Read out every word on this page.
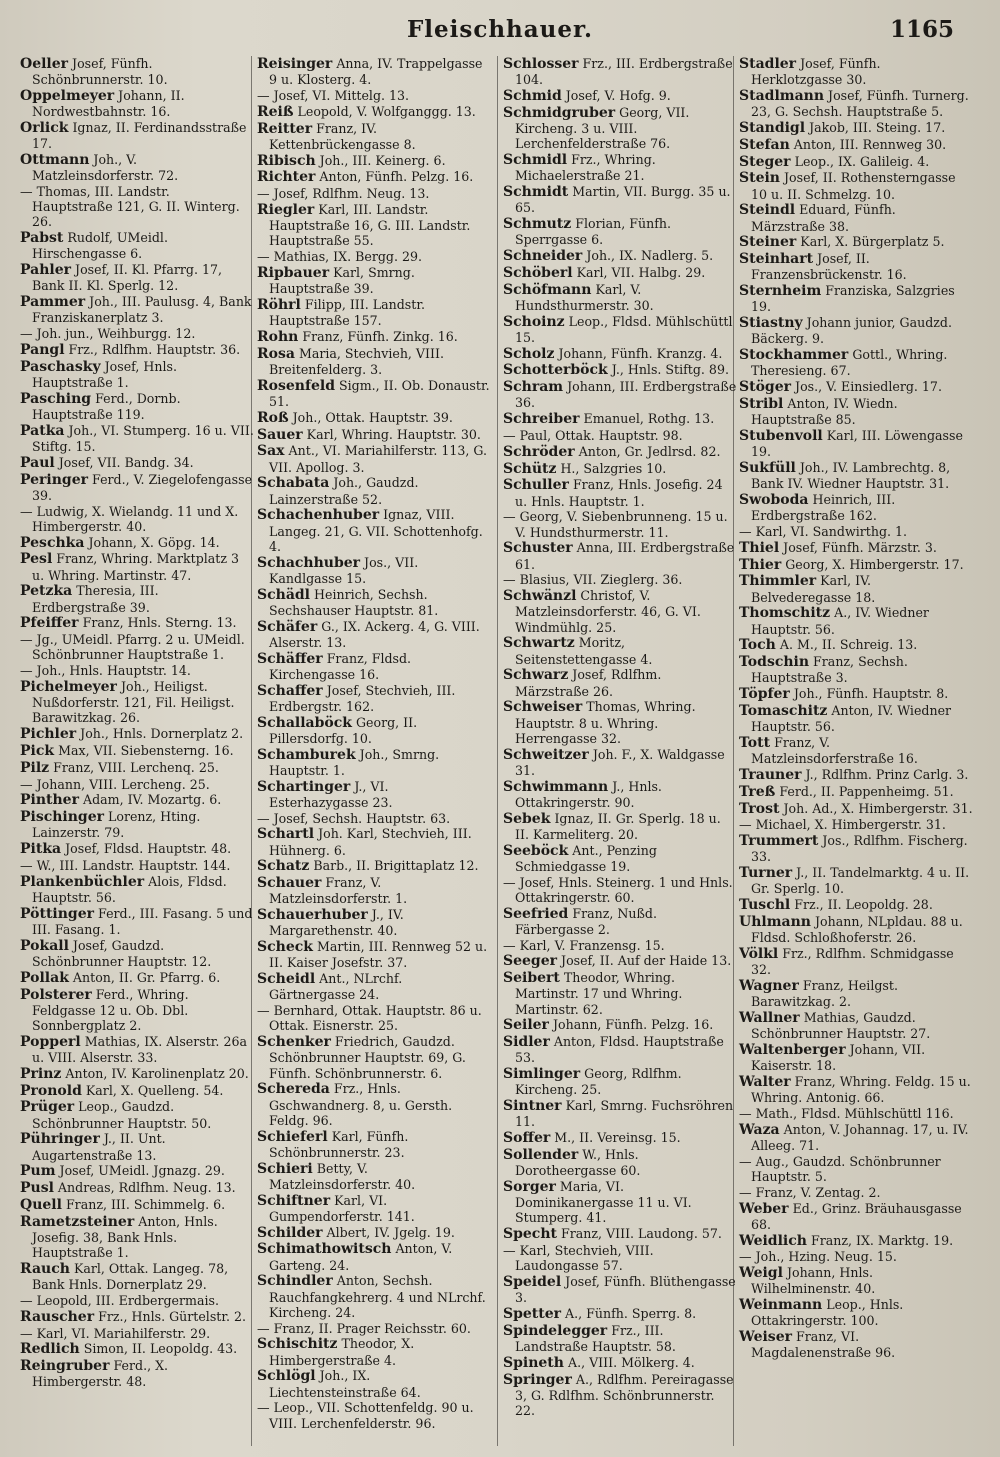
Fleischhauer.	1165
Oeller Josef, Fünfh. Schönbrunnerstr. 10.
Oppelmeyer Johann, II. Nordwestbahnstr. 16.
Orlick Ignaz, II. Ferdinandsstraße 17.
Ottmann Joh., V. Matzleinsdorferstr. 72.
— Thomas, III. Landstr. Hauptstraße 121, G. II. Winterg. 26.
Pabst Rudolf, UMeidl. Hirschengasse 6.
Pahler Josef, II. Kl. Pfarrg. 17, Bank II. Kl. Sperlg. 12.
Pammer Joh., III. Paulusg. 4, Bank Franziskanerplatz 3.
— Joh. jun., Weihburgg. 12.
Pangl Frz., Rdlfhm. Hauptstr. 36.
Paschasky Josef, Hnls. Hauptstraße 1.
Pasching Ferd., Dornb. Hauptstraße 119.
Patka Joh., VI. Stumperg. 16 u. VII. Stiftg. 15.
Paul Josef, VII. Bandg. 34.
Peringer Ferd., V. Ziegelofengasse 39.
— Ludwig, X. Wielandg. 11 und X. Himbergerstr. 40.
Peschka Johann, X. Göpg. 14.
Pesl Franz, Whring. Marktplatz 3 u. Whring. Martinstr. 47.
Petzka Theresia, III. Erdbergstraße 39.
Pfeiffer Franz, Hnls. Sterng. 13.
— Jg., UMeidl. Pfarrg. 2 u. UMeidl. Schönbrunner Hauptstraße 1.
— Joh., Hnls. Hauptstr. 14.
Pichelmeyer Joh., Heiligst. Nußdorferstr. 121, Fil. Heiligst. Barawitzkag. 26.
Pichler Joh., Hnls. Dornerplatz 2.
Pick Max, VII. Siebensterng. 16.
Pilz Franz, VIII. Lerchenq. 25.
— Johann, VIII. Lercheng. 25.
Pinther Adam, IV. Mozartg. 6.
Pischinger Lorenz, Hting. Lainzerstr. 79.
Pitka Josef, Fldsd. Hauptstr. 48.
— W., III. Landstr. Hauptstr. 144.
Plankenbüchler Alois, Fldsd. Hauptstr. 56.
Pöttinger Ferd., III. Fasang. 5 und III. Fasang. 1.
Pokall Josef, Gaudzd. Schönbrunner Hauptstr. 12.
Pollak Anton, II. Gr. Pfarrg. 6.
Polsterer Ferd., Whring. Feldgasse 12 u. Ob. Dbl. Sonnbergplatz 2.
Popperl Mathias, IX. Alserstr. 26a u. VIII. Alserstr. 33.
Prinz Anton, IV. Karolinenplatz 20.
Pronold Karl, X. Quelleng. 54.
Prüger Leop., Gaudzd. Schönbrunner Hauptstr. 50.
Pühringer J., II. Unt. Augartenstraße 13.
Pum Josef, UMeidl. Jgnazg. 29.
Pusl Andreas, Rdlfhm. Neug. 13.
Quell Franz, III. Schimmelg. 6.
Rametzsteiner Anton, Hnls. Josefig. 38, Bank Hnls. Hauptstraße 1.
Rauch Karl, Ottak. Langeg. 78, Bank Hnls. Dornerplatz 29.
— Leopold, III. Erdbergermais.
Rauscher Frz., Hnls. Gürtelstr. 2.
— Karl, VI. Mariahilferstr. 29.
Redlich Simon, II. Leopoldg. 43.
Reingruber Ferd., X. Himbergerstr. 48.
Reisinger Anna, IV. Trappelgasse 9 u. Klosterg. 4.
— Josef, VI. Mittelg. 13.
Reiß Leopold, V. Wolfganggg. 13.
Reitter Franz, IV. Kettenbrückengasse 8.
Ribisch Joh., III. Keinerg. 6.
Richter Anton, Fünfh. Pelzg. 16.
— Josef, Rdlfhm. Neug. 13.
Riegler Karl, III. Landstr. Hauptstraße 16, G. III. Landstr. Hauptstraße 55.
— Mathias, IX. Bergg. 29.
Ripbauer Karl, Smrng. Hauptstraße 39.
Röhrl Filipp, III. Landstr. Hauptstraße 157.
Rohn Franz, Fünfh. Zinkg. 16.
Rosa Maria, Stechvieh, VIII. Breitenfelderg. 3.
Rosenfeld Sigm., II. Ob. Donaustr. 51.
Roß Joh., Ottak. Hauptstr. 39.
Sauer Karl, Whring. Hauptstr. 30.
Sax Ant., VI. Mariahilferstr. 113, G. VII. Apollog. 3.
Schabata Joh., Gaudzd. Lainzerstraße 52.
Schachenhuber Ignaz, VIII. Langeg. 21, G. VII. Schottenhofg. 4.
Schachhuber Jos., VII. Kandlgasse 15.
Schädl Heinrich, Sechsh. Sechshauser Hauptstr. 81.
Schäfer G., IX. Ackerg. 4, G. VIII. Alserstr. 13.
Schäffer Franz, Fldsd. Kirchengasse 16.
Schaffer Josef, Stechvieh, III. Erdbergstr. 162.
Schallaböck Georg, II. Pillersdorfg. 10.
Schamburek Joh., Smrng. Hauptstr. 1.
Schartinger J., VI. Esterhazygasse 23.
— Josef, Sechsh. Hauptstr. 63.
Schartl Joh. Karl, Stechvieh, III. Hühnerg. 6.
Schatz Barb., II. Brigittaplatz 12.
Schauer Franz, V. Matzleinsdorferstr. 1.
Schauerhuber J., IV. Margarethenstr. 40.
Scheck Martin, III. Rennweg 52 u. II. Kaiser Josefstr. 37.
Scheidl Ant., NLrchf. Gärtnergasse 24.
— Bernhard, Ottak. Hauptstr. 86 u. Ottak. Eisnerstr. 25.
Schenker Friedrich, Gaudzd. Schönbrunner Hauptstr. 69, G. Fünfh. Schönbrunnerstr. 6.
Schereda Frz., Hnls. Gschwandnerg. 8, u. Gersth. Feldg. 96.
Schieferl Karl, Fünfh. Schönbrunnerstr. 23.
Schieri Betty, V. Matzleinsdorferstr. 40.
Schiftner Karl, VI. Gumpendorferstr. 141.
Schilder Albert, IV. Jgelg. 19.
Schimathowitsch Anton, V. Garteng. 24.
Schindler Anton, Sechsh. Rauchfangkehrerg. 4 und NLrchf. Kircheng. 24.
— Franz, II. Prager Reichsstr. 60.
Schischitz Theodor, X. Himbergerstraße 4.
Schlögl Joh., IX. Liechtensteinstraße 64.
— Leop., VII. Schottenfeldg. 90 u. VIII. Lerchenfelderstr. 96.
Schlosser Frz., III. Erdbergstraße 104.
Schmid Josef, V. Hofg. 9.
Schmidgruber Georg, VII. Kircheng. 3 u. VIII. Lerchenfelderstraße 76.
Schmidl Frz., Whring. Michaelerstraße 21.
Schmidt Martin, VII. Burgg. 35 u. 65.
Schmutz Florian, Fünfh. Sperrgasse 6.
Schneider Joh., IX. Nadlerg. 5.
Schöberl Karl, VII. Halbg. 29.
Schöfmann Karl, V. Hundsthurmerstr. 30.
Schoinz Leop., Fldsd. Mühlschüttl 15.
Scholz Johann, Fünfh. Kranzg. 4.
Schotterböck J., Hnls. Stiftg. 89.
Schram Johann, III. Erdbergstraße 36.
Schreiber Emanuel, Rothg. 13.
— Paul, Ottak. Hauptstr. 98.
Schröder Anton, Gr. Jedlrsd. 82.
Schütz H., Salzgries 10.
Schuller Franz, Hnls. Josefig. 24 u. Hnls. Hauptstr. 1.
— Georg, V. Siebenbrunneng. 15 u. V. Hundsthurmerstr. 11.
Schuster Anna, III. Erdbergstraße 61.
— Blasius, VII. Zieglerg. 36.
Schwänzl Christof, V. Matzleinsdorferstr. 46, G. VI. Windmühlg. 25.
Schwartz Moritz, Seitenstettengasse 4.
Schwarz Josef, Rdlfhm. Märzstraße 26.
Schweiser Thomas, Whring. Hauptstr. 8 u. Whring. Herrengasse 32.
Schweitzer Joh. F., X. Waldgasse 31.
Schwimmann J., Hnls. Ottakringerstr. 90.
Sebek Ignaz, II. Gr. Sperlg. 18 u. II. Karmeliterg. 20.
Seeböck Ant., Penzing Schmiedgasse 19.
— Josef, Hnls. Steinerg. 1 und Hnls. Ottakringerstr. 60.
Seefried Franz, Nußd. Färbergasse 2.
— Karl, V. Franzensg. 15.
Seeger Josef, II. Auf der Haide 13.
Seibert Theodor, Whring. Martinstr. 17 und Whring. Martinstr. 62.
Seiler Johann, Fünfh. Pelzg. 16.
Sidler Anton, Fldsd. Hauptstraße 53.
Simlinger Georg, Rdlfhm. Kircheng. 25.
Sintner Karl, Smrng. Fuchsröhren 11.
Soffer M., II. Vereinsg. 15.
Sollender W., Hnls. Dorotheergasse 60.
Sorger Maria, VI. Dominikanergasse 11 u. VI. Stumperg. 41.
Specht Franz, VIII. Laudong. 57.
— Karl, Stechvieh, VIII. Laudongasse 57.
Speidel Josef, Fünfh. Blüthengasse 3.
Spetter A., Fünfh. Sperrg. 8.
Spindelegger Frz., III. Landstraße Hauptstr. 58.
Spineth A., VIII. Mölkerg. 4.
Springer A., Rdlfhm. Pereiragasse 3, G. Rdlfhm. Schönbrunnerstr. 22.
Stadler Josef, Fünfh. Herklotzgasse 30.
Stadlmann Josef, Fünfh. Turnerg. 23, G. Sechsh. Hauptstraße 5.
Standigl Jakob, III. Steing. 17.
Stefan Anton, III. Rennweg 30.
Steger Leop., IX. Galileig. 4.
Stein Josef, II. Rothensterngasse 10 u. II. Schmelzg. 10.
Steindl Eduard, Fünfh. Märzstraße 38.
Steiner Karl, X. Bürgerplatz 5.
Steinhart Josef, II. Franzensbrückenstr. 16.
Sternheim Franziska, Salzgries 19.
Stiastny Johann junior, Gaudzd. Bäckerg. 9.
Stockhammer Gottl., Whring. Theresieng. 67.
Stöger Jos., V. Einsiedlerg. 17.
Stribl Anton, IV. Wiedn. Hauptstraße 85.
Stubenvoll Karl, III. Löwengasse 19.
Sukfüll Joh., IV. Lambrechtg. 8, Bank IV. Wiedner Hauptstr. 31.
Swoboda Heinrich, III. Erdbergstraße 162.
— Karl, VI. Sandwirthg. 1.
Thiel Josef, Fünfh. Märzstr. 3.
Thier Georg, X. Himbergerstr. 17.
Thimmler Karl, IV. Belvederegasse 18.
Thomschitz A., IV. Wiedner Hauptstr. 56.
Toch A. M., II. Schreig. 13.
Todschin Franz, Sechsh. Hauptstraße 3.
Töpfer Joh., Fünfh. Hauptstr. 8.
Tomaschitz Anton, IV. Wiedner Hauptstr. 56.
Tott Franz, V. Matzleinsdorferstraße 16.
Trauner J., Rdlfhm. Prinz Carlg. 3.
Treß Ferd., II. Pappenheimg. 51.
Trost Joh. Ad., X. Himbergerstr. 31.
— Michael, X. Himbergerstr. 31.
Trummert Jos., Rdlfhm. Fischerg. 33.
Turner J., II. Tandelmarktg. 4 u. II. Gr. Sperlg. 10.
Tuschl Frz., II. Leopoldg. 28.
Uhlmann Johann, NLpldau. 88 u. Fldsd. Schloßhoferstr. 26.
Völkl Frz., Rdlfhm. Schmidgasse 32.
Wagner Franz, Heilgst. Barawitzkag. 2.
Wallner Mathias, Gaudzd. Schönbrunner Hauptstr. 27.
Waltenberger Johann, VII. Kaiserstr. 18.
Walter Franz, Whring. Feldg. 15 u. Whring. Antonig. 66.
— Math., Fldsd. Mühlschüttl 116.
Waza Anton, V. Johannag. 17, u. IV. Alleeg. 71.
— Aug., Gaudzd. Schönbrunner Hauptstr. 5.
— Franz, V. Zentag. 2.
Weber Ed., Grinz. Bräuhausgasse 68.
Weidlich Franz, IX. Marktg. 19.
— Joh., Hzing. Neug. 15.
Weigl Johann, Hnls. Wilhelminenstr. 40.
Weinmann Leop., Hnls. Ottakringerstr. 100.
Weiser Franz, VI. Magdalenenstraße 96.
